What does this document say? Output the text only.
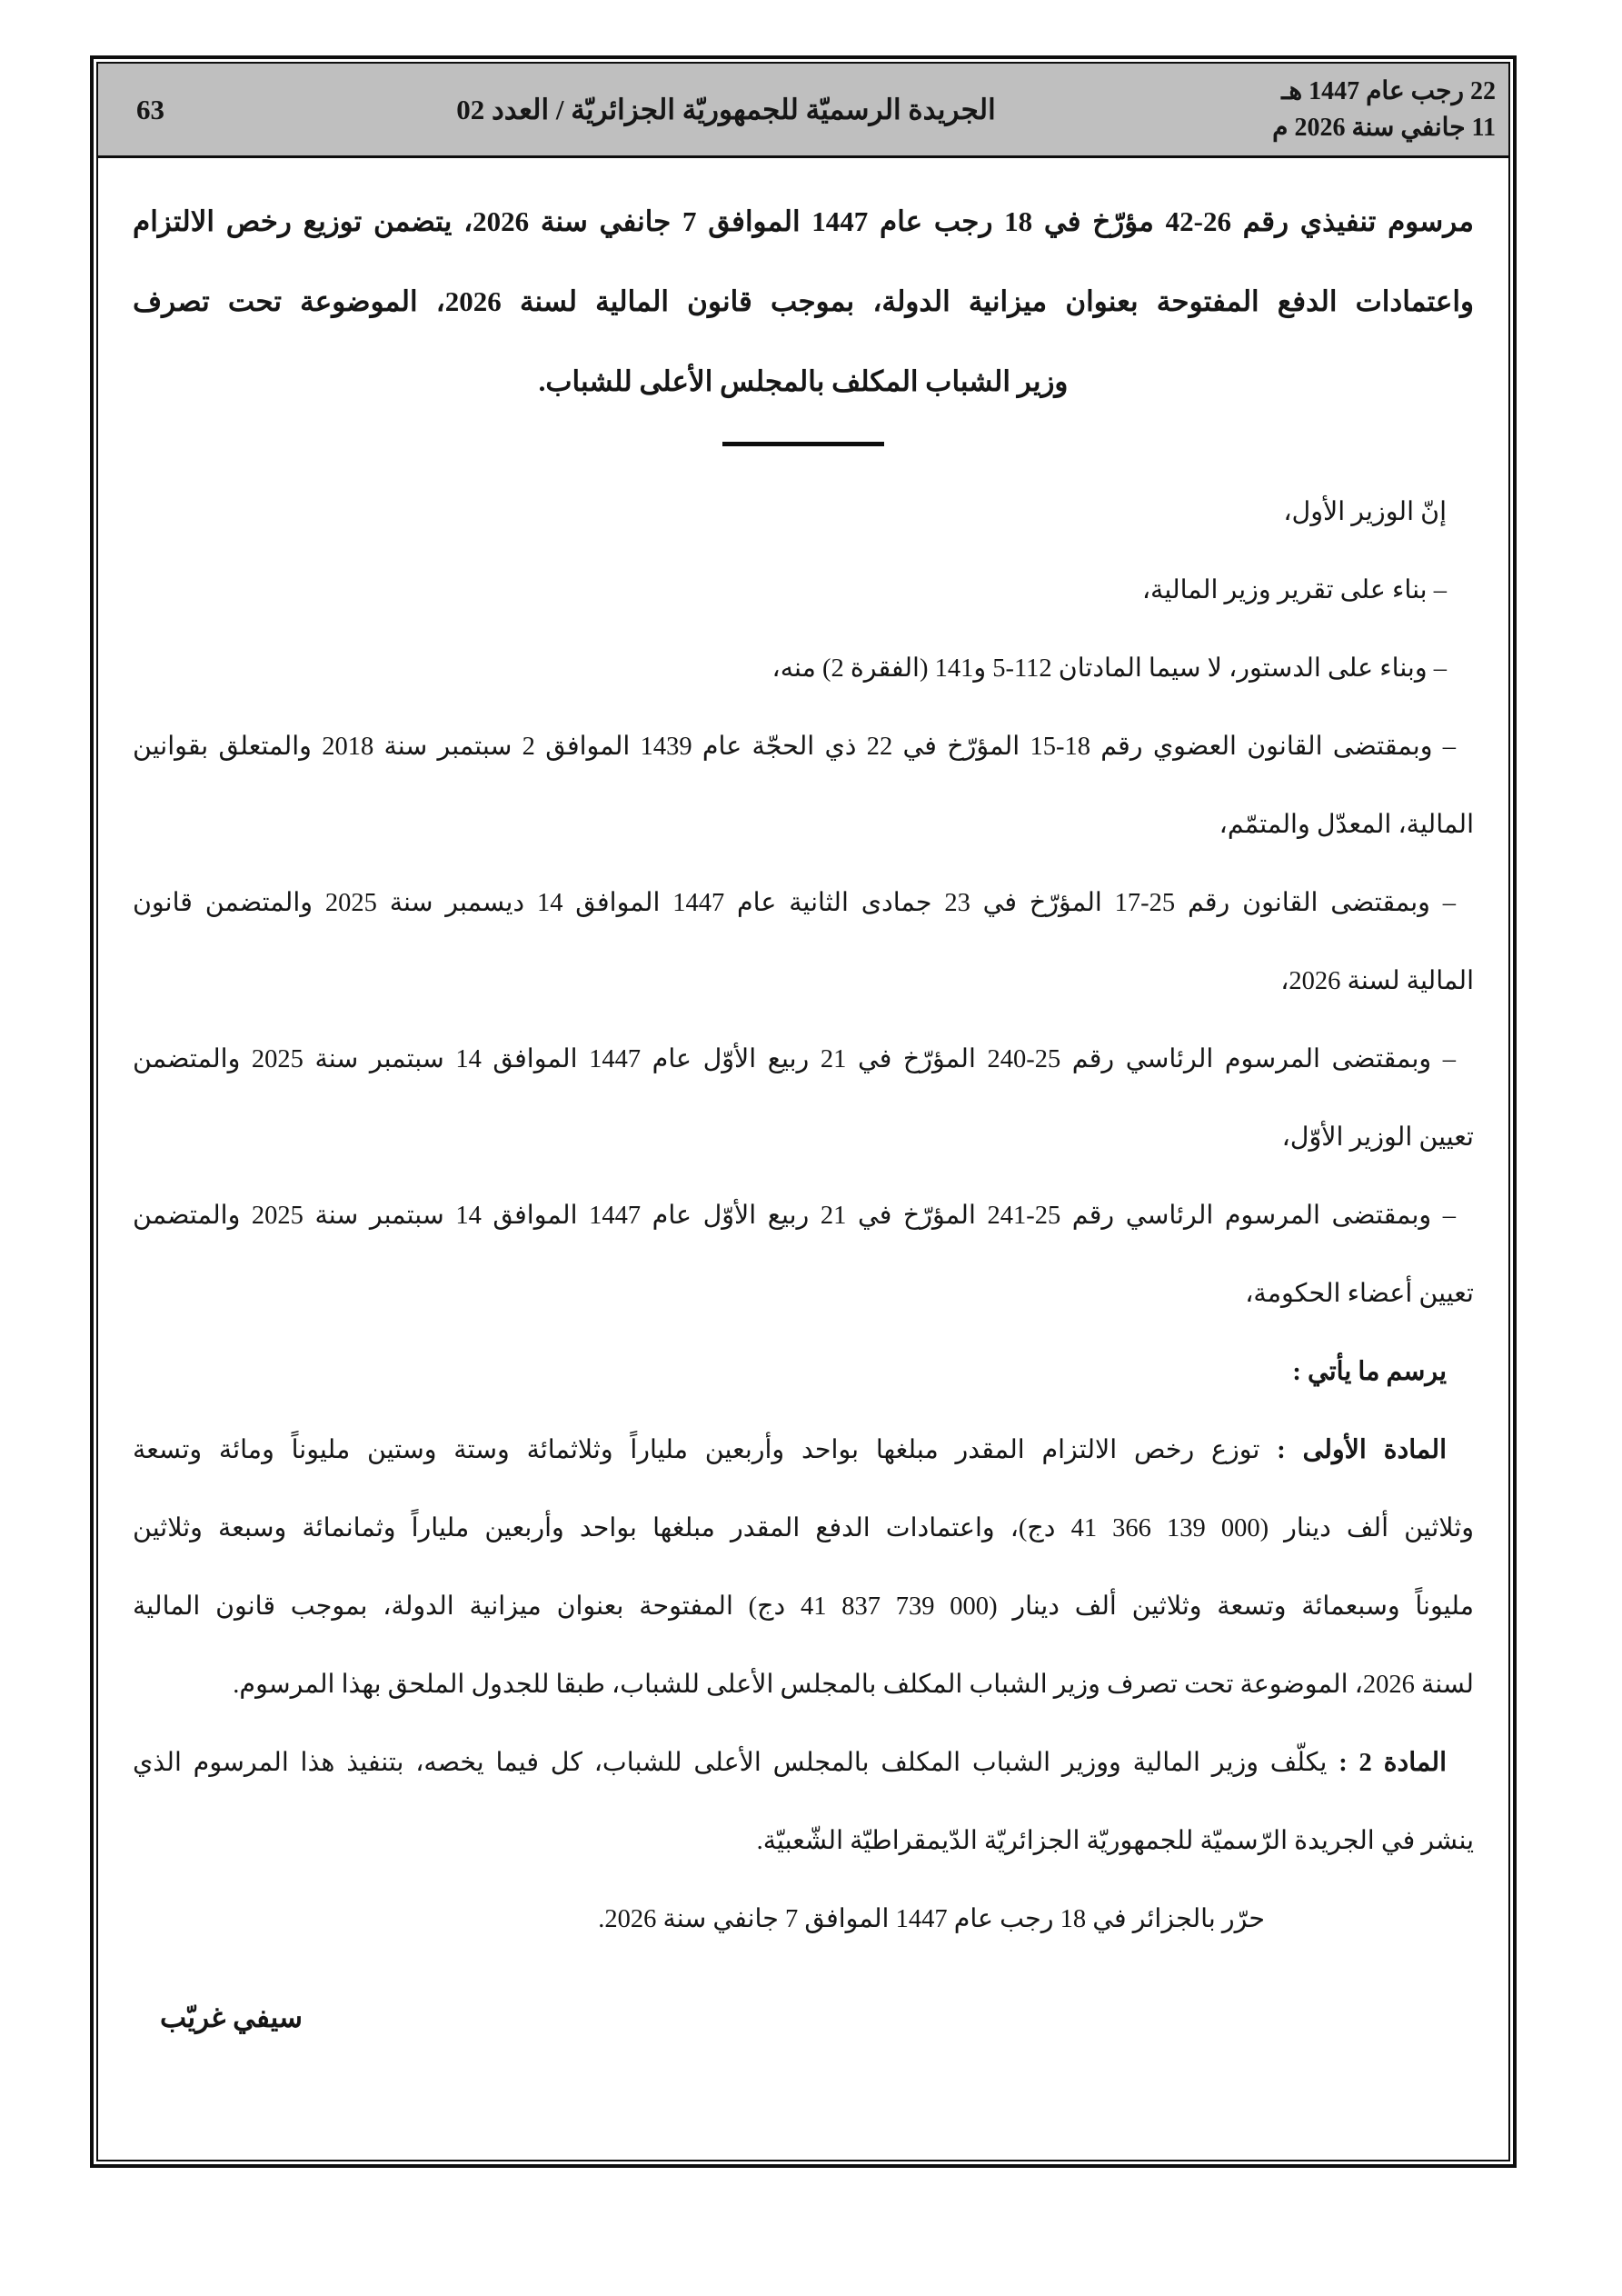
63	الجريدة الرسميّة للجمهوريّة الجزائريّة / العدد 02
22 رجب عام 1447 هـ
11 جانفي سنة 2026 م
مرسوم تنفيذي رقم 26-42 مؤرّخ في 18 رجب عام 1447 الموافق 7 جانفي سنة 2026، يتضمن توزيع رخص الالتزام
واعتمادات الدفع المفتوحة بعنوان ميزانية الدولة، بموجب قانون المالية لسنة 2026، الموضوعة تحت تصرف
وزير الشباب المكلف بالمجلس الأعلى للشباب.
إنّ الوزير الأول،
– بناء على تقرير وزير المالية،
– وبناء على الدستور، لا سيما المادتان 112-5 و141 (الفقرة 2) منه،
– وبمقتضى القانون العضوي رقم 18-15 المؤرّخ في 22 ذي الحجّة عام 1439 الموافق 2 سبتمبر سنة 2018 والمتعلق بقوانين
المالية، المعدّل والمتمّم،
– وبمقتضى القانون رقم 25-17 المؤرّخ في 23 جمادى الثانية عام 1447 الموافق 14 ديسمبر سنة 2025 والمتضمن قانون
المالية لسنة 2026،
– وبمقتضى المرسوم الرئاسي رقم 25-240 المؤرّخ في 21 ربيع الأوّل عام 1447 الموافق 14 سبتمبر سنة 2025 والمتضمن
تعيين الوزير الأوّل،
– وبمقتضى المرسوم الرئاسي رقم 25-241 المؤرّخ في 21 ربيع الأوّل عام 1447 الموافق 14 سبتمبر سنة 2025 والمتضمن
تعيين أعضاء الحكومة،
يرسم ما يأتي :
المادة الأولى : توزع رخص الالتزام المقدر مبلغها بواحد وأربعين ملياراً وثلاثمائة وستة وستين مليوناً ومائة وتسعة
وثلاثين ألف دينار (41 366 139 000 دج)، واعتمادات الدفع المقدر مبلغها بواحد وأربعين ملياراً وثمانمائة وسبعة وثلاثين
مليوناً وسبعمائة وتسعة وثلاثين ألف دينار (41 837 739 000 دج) المفتوحة بعنوان ميزانية الدولة، بموجب قانون المالية
لسنة 2026، الموضوعة تحت تصرف وزير الشباب المكلف بالمجلس الأعلى للشباب، طبقا للجدول الملحق بهذا المرسوم.
المادة 2 : يكلّف وزير المالية ووزير الشباب المكلف بالمجلس الأعلى للشباب، كل فيما يخصه، بتنفيذ هذا المرسوم الذي
ينشر في الجريدة الرّسميّة للجمهوريّة الجزائريّة الدّيمقراطيّة الشّعبيّة.
حرّر بالجزائر في 18 رجب عام 1447 الموافق 7 جانفي سنة 2026.
سيفي غريّب
